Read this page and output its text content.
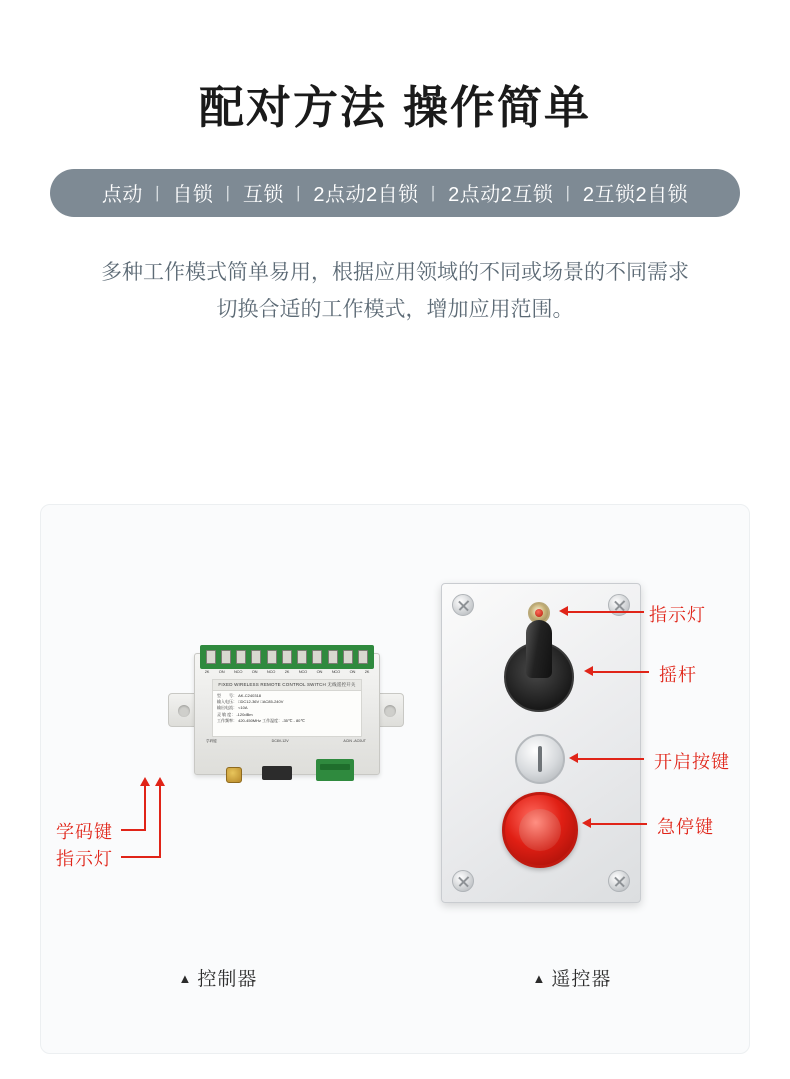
配对方法 操作简单
点动 丨 自锁 丨 互锁 丨 2点动2自锁 丨 2点动2互锁 丨 2互锁2自锁
多种工作模式简单易用，根据应用领域的不同或场景的不同需求
切换合适的工作模式，增加应用范围。
2K ON NCO ON NCO 2K NCO ON NCO ON 2K
FIXED WIRELESS REMOTE CONTROL SWITCH 无线遥控开关
型　　号： AK-C240318
输入电压： □DC12-36V □AC85-240V
输出电流： <10A
灵 敏 度： -120dBm
工作频率： 420-450MHz 工作温度：-35℃ - 80℃
学码键	DC8V-12V	ACIN -AC0UT
学码键
指示灯
指示灯
摇杆
开启按键
急停键
▲ 控制器	▲ 遥控器
